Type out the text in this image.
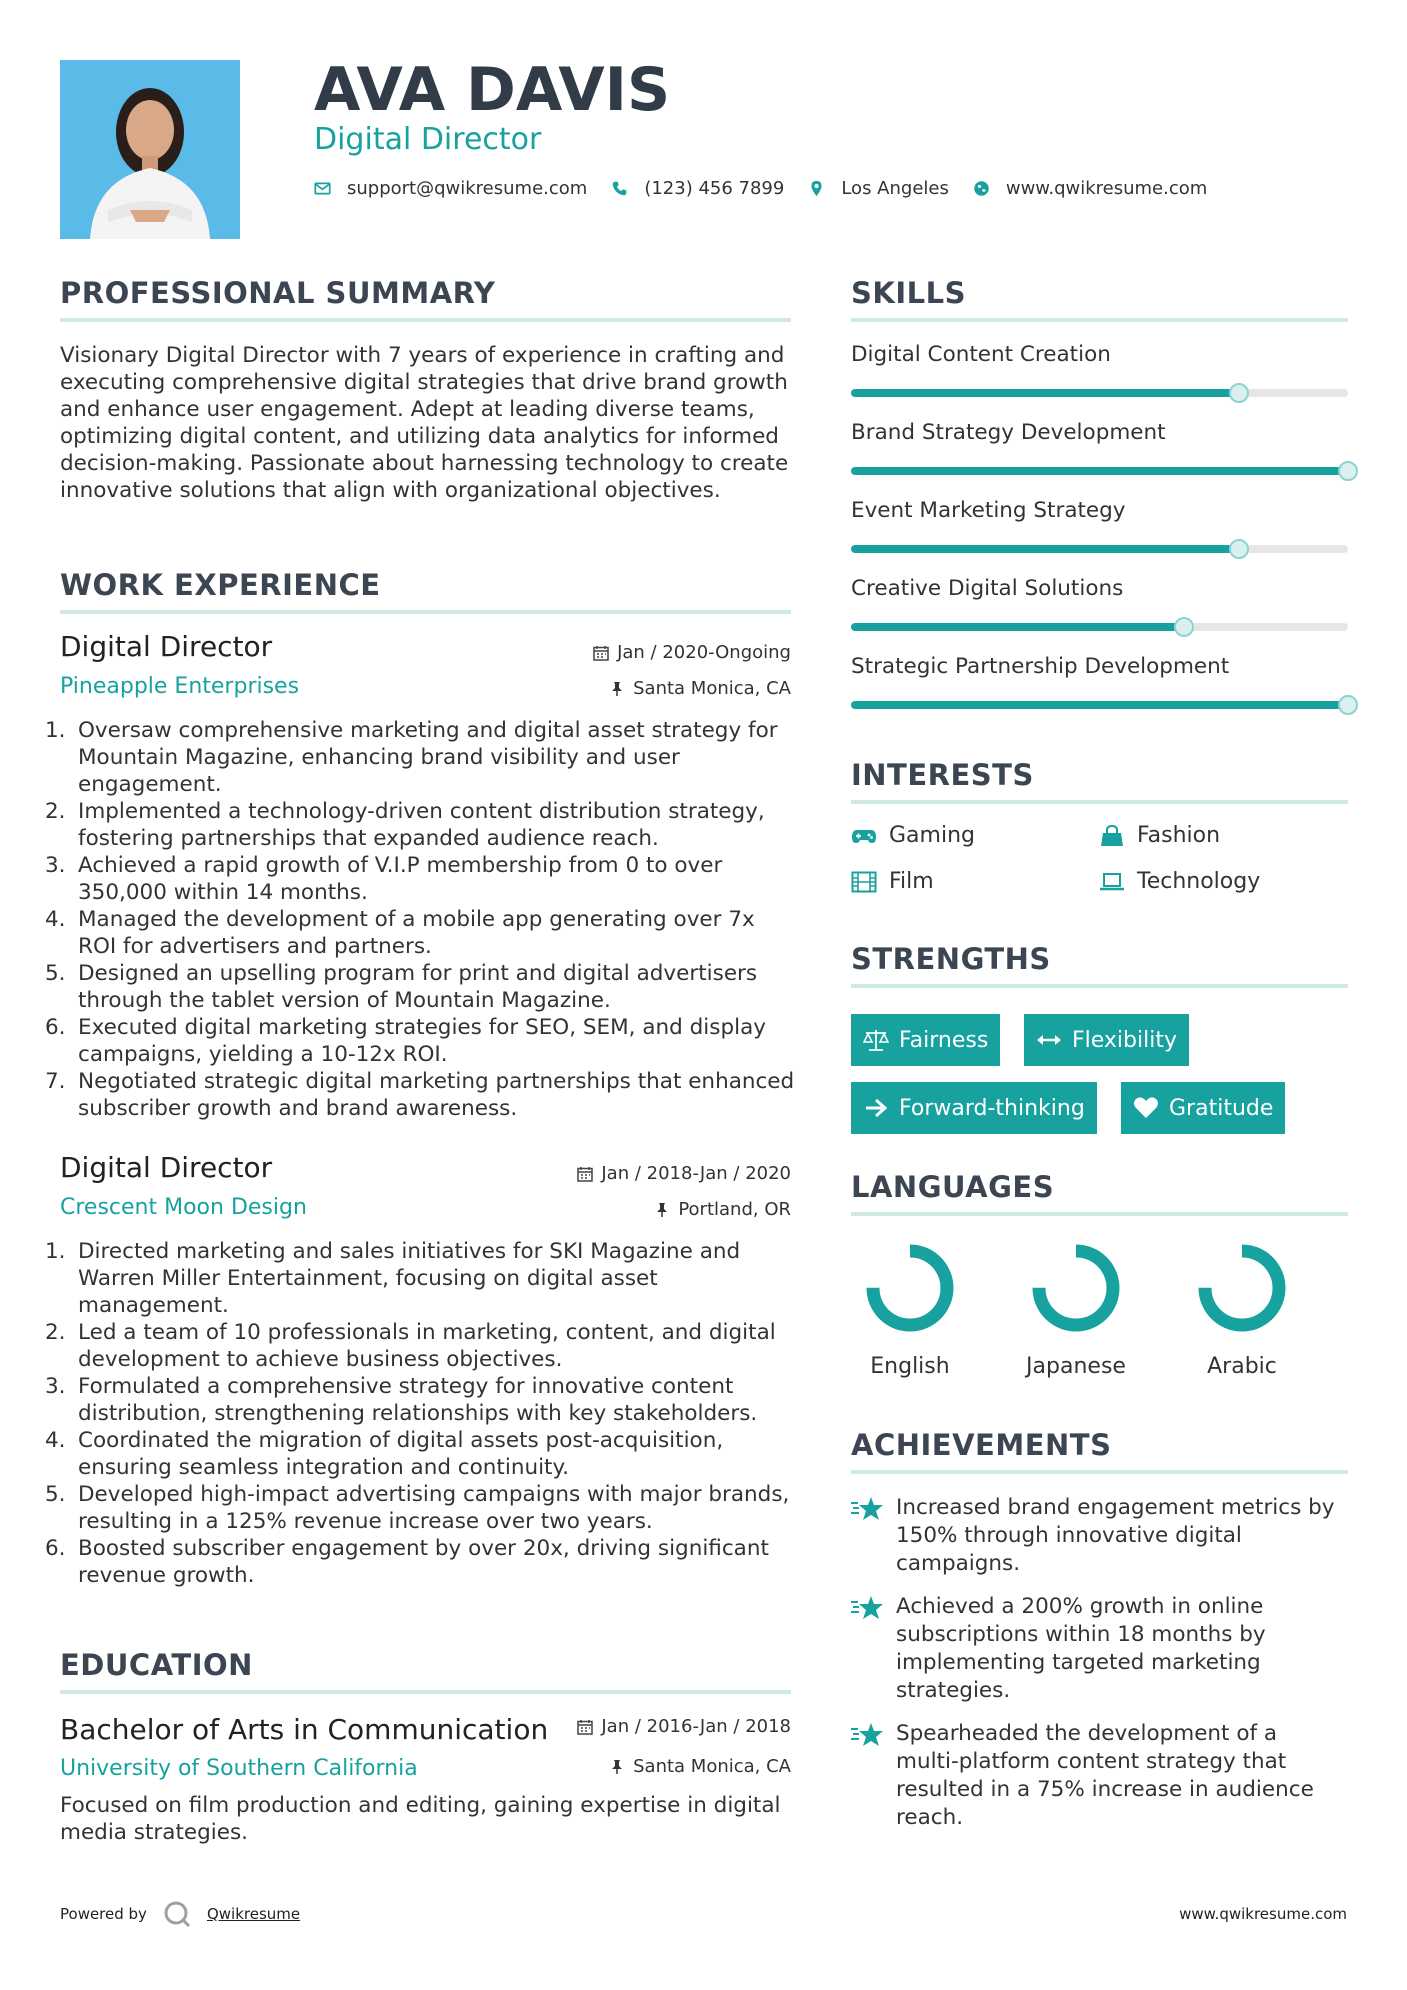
AVA DAVIS
Digital Director
support@qwikresume.com	(123) 456 7899	Los Angeles	www.qwikresume.com
PROFESSIONAL SUMMARY
Visionary Digital Director with 7 years of experience in crafting and executing comprehensive digital strategies that drive brand growth and enhance user engagement. Adept at leading diverse teams, optimizing digital content, and utilizing data analytics for informed decision-making. Passionate about harnessing technology to create innovative solutions that align with organizational objectives.
WORK EXPERIENCE
Digital Director	Jan / 2020-Ongoing
Pineapple Enterprises	Santa Monica, CA
1. Oversaw comprehensive marketing and digital asset strategy for Mountain Magazine, enhancing brand visibility and user engagement.
2. Implemented a technology-driven content distribution strategy, fostering partnerships that expanded audience reach.
3. Achieved a rapid growth of V.I.P membership from 0 to over 350,000 within 14 months.
4. Managed the development of a mobile app generating over 7x ROI for advertisers and partners.
5. Designed an upselling program for print and digital advertisers through the tablet version of Mountain Magazine.
6. Executed digital marketing strategies for SEO, SEM, and display campaigns, yielding a 10-12x ROI.
7. Negotiated strategic digital marketing partnerships that enhanced subscriber growth and brand awareness.
Digital Director	Jan / 2018-Jan / 2020
Crescent Moon Design	Portland, OR
1. Directed marketing and sales initiatives for SKI Magazine and Warren Miller Entertainment, focusing on digital asset management.
2. Led a team of 10 professionals in marketing, content, and digital development to achieve business objectives.
3. Formulated a comprehensive strategy for innovative content distribution, strengthening relationships with key stakeholders.
4. Coordinated the migration of digital assets post-acquisition, ensuring seamless integration and continuity.
5. Developed high-impact advertising campaigns with major brands, resulting in a 125% revenue increase over two years.
6. Boosted subscriber engagement by over 20x, driving significant revenue growth.
EDUCATION
Bachelor of Arts in Communication	Jan / 2016-Jan / 2018
University of Southern California	Santa Monica, CA
Focused on film production and editing, gaining expertise in digital media strategies.
SKILLS
Digital Content Creation
Brand Strategy Development
Event Marketing Strategy
Creative Digital Solutions
Strategic Partnership Development
INTERESTS
Gaming	Fashion
Film	Technology
STRENGTHS
Fairness	Flexibility
Forward-thinking	Gratitude
LANGUAGES
English	Japanese	Arabic
ACHIEVEMENTS
Increased brand engagement metrics by 150% through innovative digital campaigns.
Achieved a 200% growth in online subscriptions within 18 months by implementing targeted marketing strategies.
Spearheaded the development of a multi-platform content strategy that resulted in a 75% increase in audience reach.
Powered by	Qwikresume	www.qwikresume.com
